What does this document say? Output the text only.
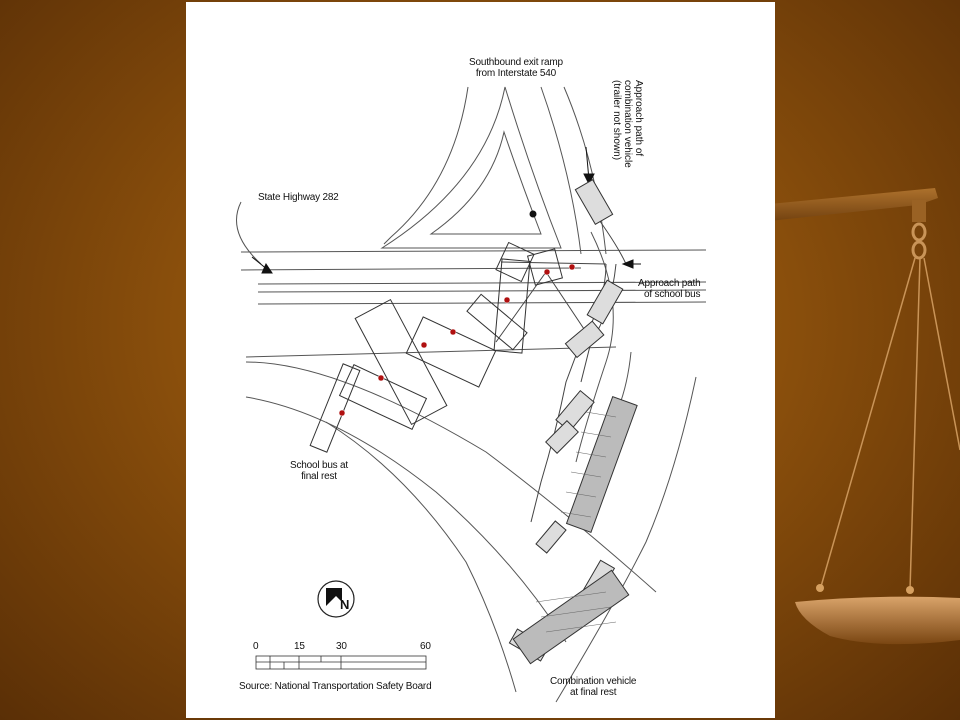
Southbound exit ramp
from Interstate 540
Approach path of
combination vehicle
(trailer not shown)
State Highway 282
Approach path
of school bus
School bus at
final rest
Combination vehicle
at final rest
N
0	15	30	60
Source: National Transportation Safety Board
